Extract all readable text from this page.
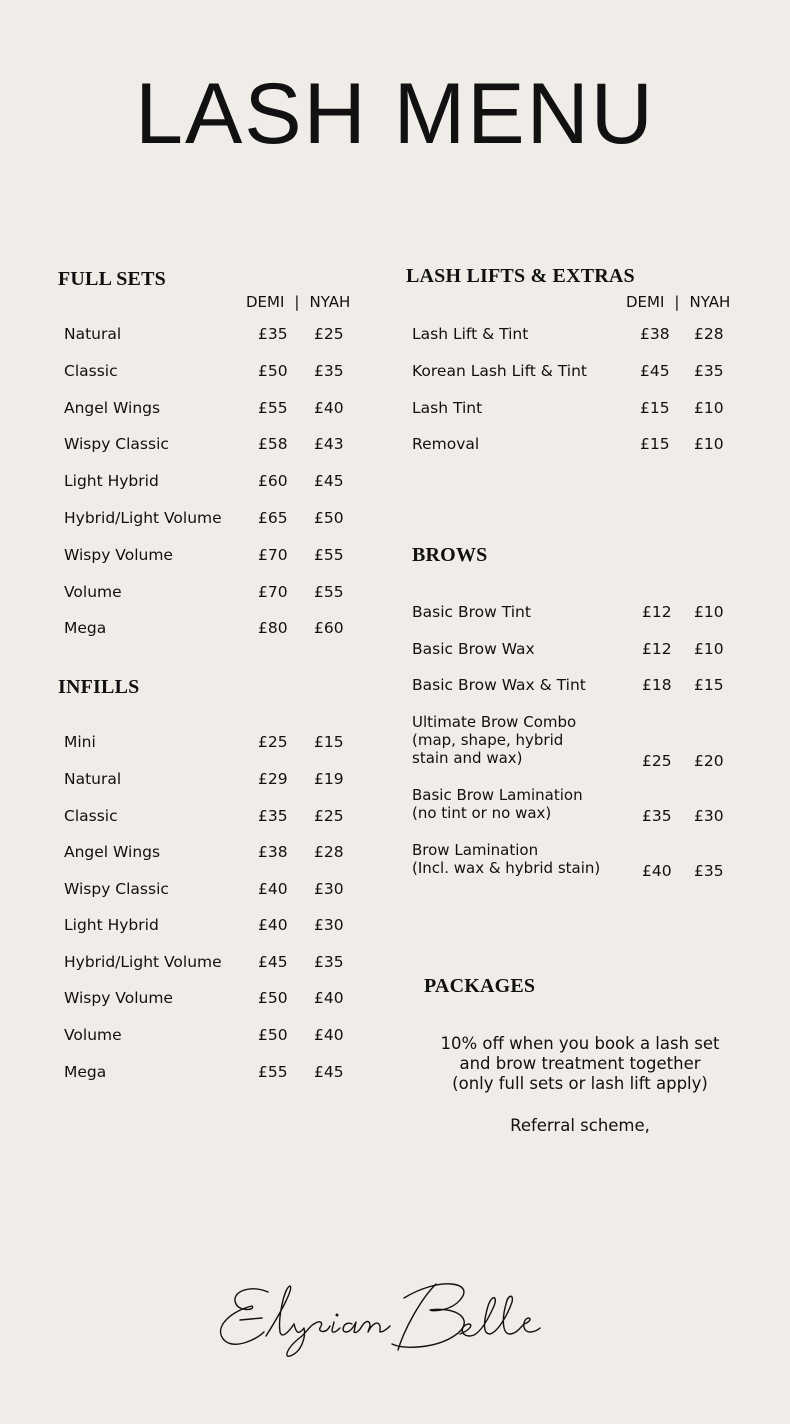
LASH MENU
FULL SETS
DEMI | NYAH
Natural	£35 £25
Classic	£50 £35
Angel Wings	£55 £40
Wispy Classic	£58 £43
Light Hybrid	£60 £45
Hybrid/Light Volume £65 £50
Wispy Volume	£70 £55
Volume	£70 £55
Mega	£80 £60
INFILLS
Mini	£25 £15
Natural	£29 £19
Classic	£35 £25
Angel Wings	£38 £28
Wispy Classic	£40 £30
Light Hybrid	£40 £30
Hybrid/Light Volume £45 £35
Wispy Volume	£50 £40
Volume	£50 £40
Mega	£55 £45
LASH LIFTS & EXTRAS
DEMI | NYAH
Lash Lift & Tint	£38 £28
Korean Lash Lift & Tint	£45 £35
Lash Tint	£15 £10
Removal	£15 £10
BROWS
Basic Brow Tint	£12 £10
Basic Brow Wax	£12 £10
Basic Brow Wax & Tint	£18 £15
Ultimate Brow Combo
(map, shape, hybrid
stain and wax)	£25 £20
Basic Brow Lamination
(no tint or no wax)	£35 £30
Brow Lamination
(Incl. wax & hybrid stain)	£40 £35
PACKAGES
10% off when you book a lash set
and brow treatment together
(only full sets or lash lift apply)
Referral scheme,
Elysian Belle
